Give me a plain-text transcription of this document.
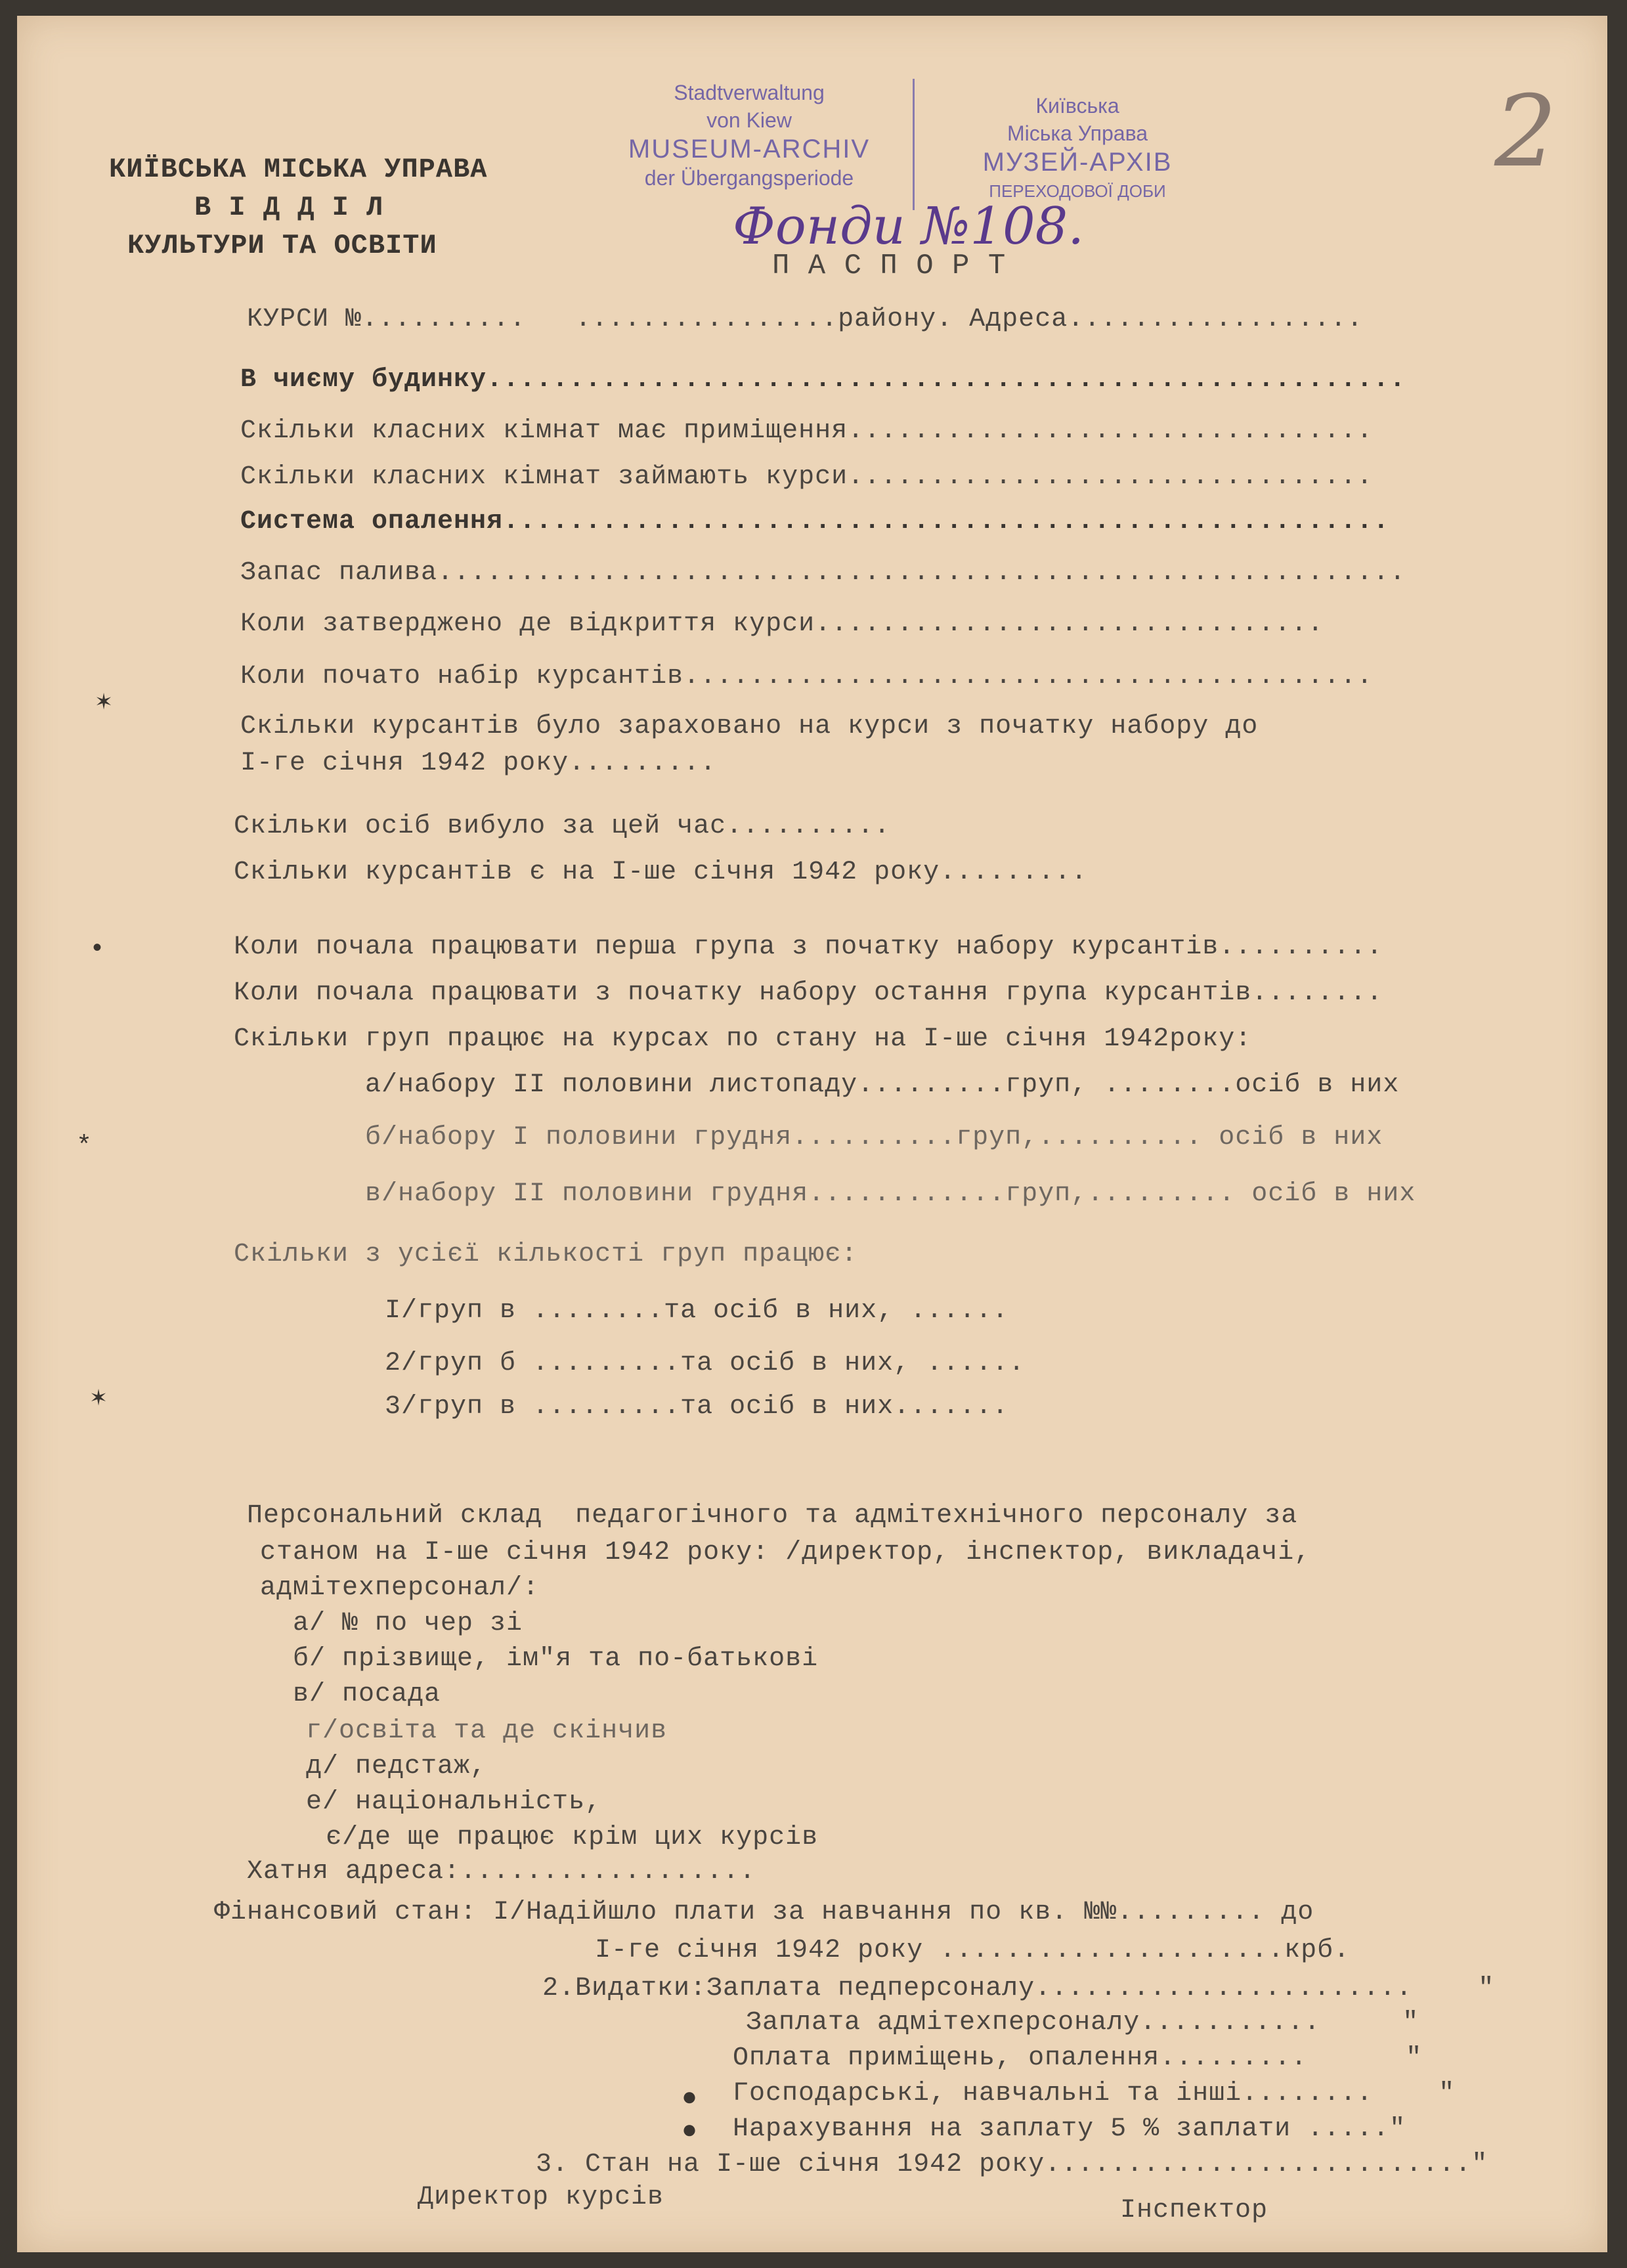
КИЇВСЬКА МІСЬКА УПРАВА
В І Д Д І Л
КУЛЬТУРИ ТА ОСВІТИ
Stadtverwaltung
von Kiew
MUSEUM-ARCHIV
der Übergangsperiode
Київська
Міська Управа
МУЗЕЙ-АРХІВ
ПЕРЕХОДОВОЇ ДОБИ
Фонди №108.
2
П А С П О Р Т
КУРСИ №..........   ................району. Адреса..................
В чиєму будинку........................................................
Скільки класних кімнат має приміщення................................
Скільки класних кімнат займають курси................................
Система опалення......................................................
Запас палива...........................................................
Коли затверджено де відкриття курси...............................
Коли почато набір курсантів..........................................
Скільки курсантів було зараховано на курси з початку набору до
I-ге січня 1942 року.........
Скільки осіб вибуло за цей час..........
Скільки курсантів є на I-ше січня 1942 року.........
Коли почала працювати перша група з початку набору курсантів..........
Коли почала працювати з початку набору остання група курсантів........
Скільки груп працює на курсах по стану на I-ше січня 1942року:
а/набору II половини листопаду.........груп, ........осіб в них
б/набору I половини грудня..........груп,.......... осіб в них
в/набору II половини грудня............груп,......... осіб в них
Скільки з усієї кількості груп працює:
I/груп в ........та осіб в них, ......
2/груп б .........та осіб в них, ......
3/груп в .........та осіб в них.......
Персональний склад  педагогічного та адмітехнічного персоналу за
станом на I-ше січня 1942 року: /директор, інспектор, викладачі,
адмітехперсонал/:
а/ № по чер зі
б/ прізвище, ім"я та по-батькові
в/ посада
г/освіта та де скінчив
д/ педстаж,
е/ національність,
є/де ще працює крім цих курсів
Хатня адреса:..................
Фінансовий стан: I/Надійшло плати за навчання по кв. №№......... до
I-ге січня 1942 року .....................крб.
2.Видатки:Заплата педперсоналу.......................    "
Заплата адмітехперсоналу...........     "
Оплата приміщень, опалення.........      "
Господарські, навчальні та інші........    "
Нарахування на заплату 5 % заплати ....."
3. Стан на I-ше січня 1942 року.........................."
Директор курсів	Інспектор
✶
•
*
✶
●
●
